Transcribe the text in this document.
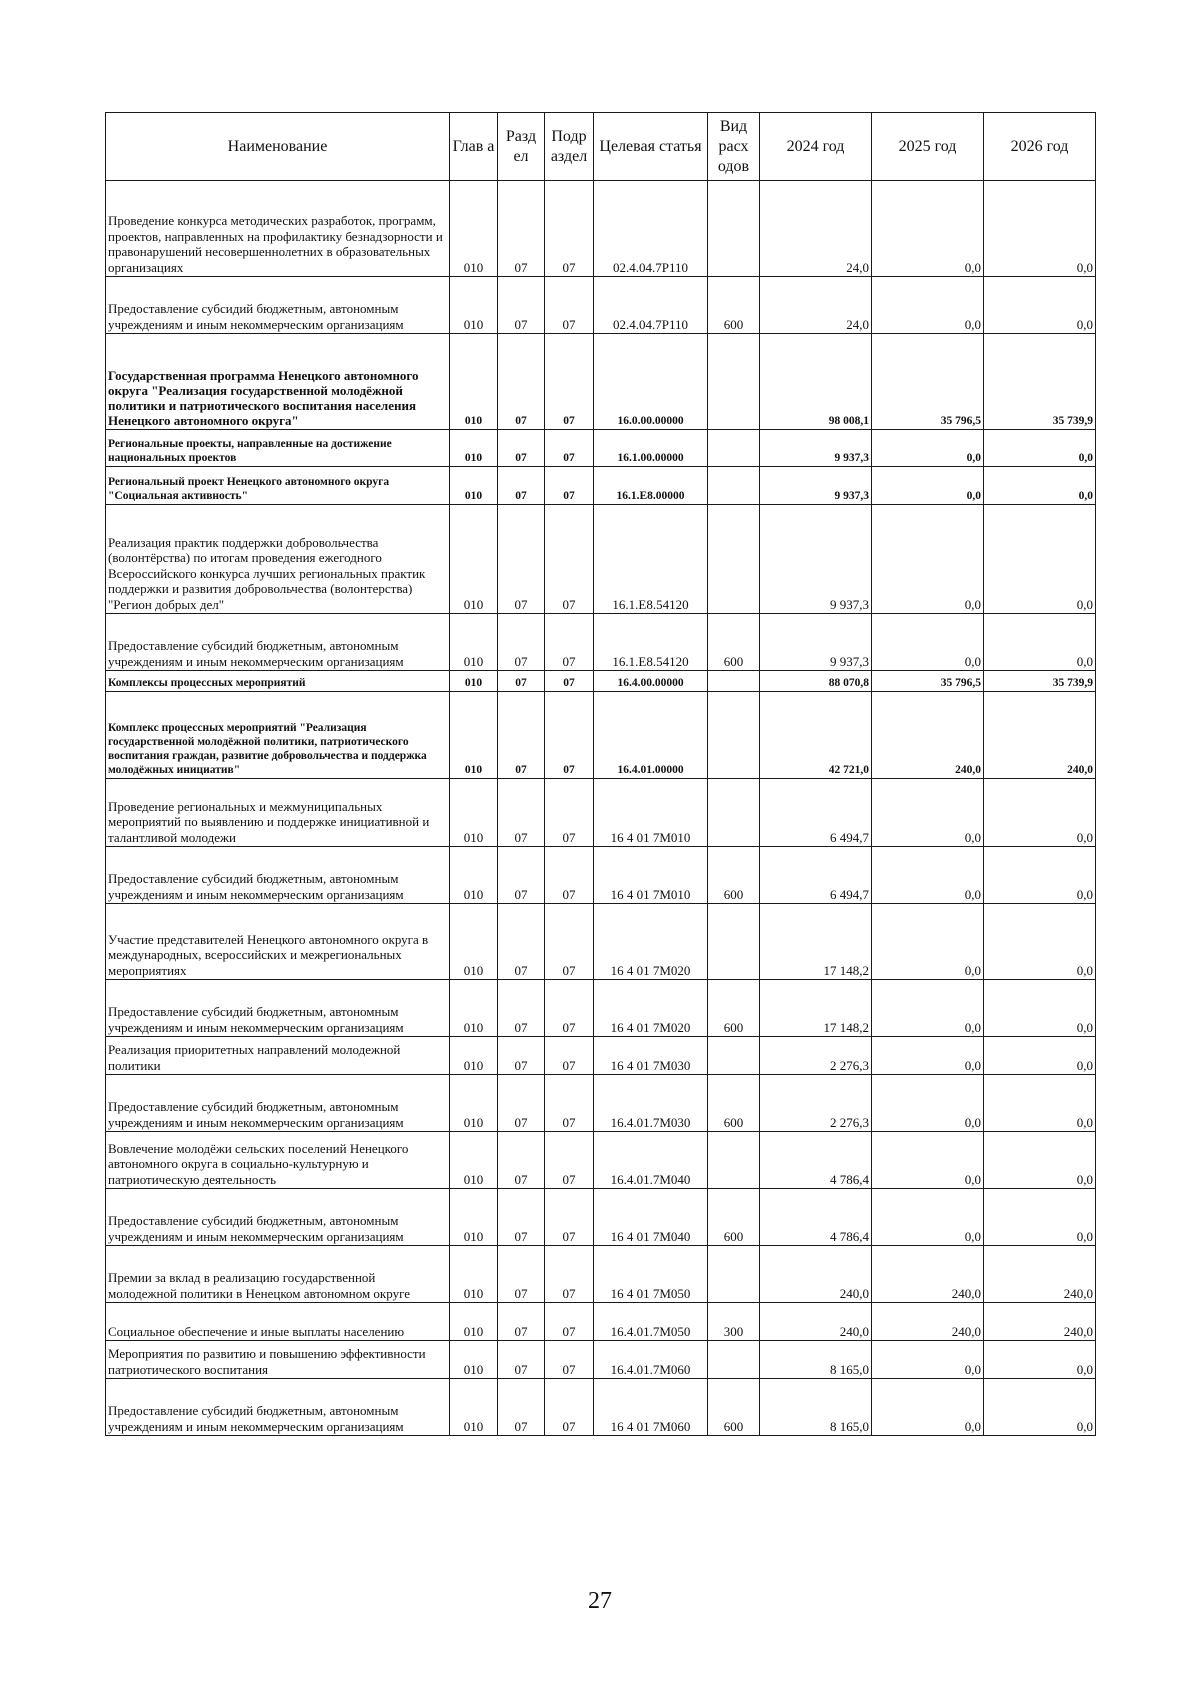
Наименование	Глав а	Разд ел	Подр аздел	Целевая статья	Вид расх одов	2024 год	2025 год	2026 год
Проведение конкурса методических разработок, программ, проектов, направленных на профилактику безнадзорности и правонарушений несовершеннолетних в образовательных организациях	010	07	07	02.4.04.7P110		24,0	0,0	0,0
Предоставление субсидий бюджетным, автономным учреждениям и иным некоммерческим организациям	010	07	07	02.4.04.7P110	600	24,0	0,0	0,0
Государственная программа Ненецкого автономного округа "Реализация государственной молодёжной политики и патриотического воспитания населения Ненецкого автономного округа"	010	07	07	16.0.00.00000		98 008,1	35 796,5	35 739,9
Региональные проекты, направленные на достижение национальных проектов	010	07	07	16.1.00.00000		9 937,3	0,0	0,0
Региональный проект Ненецкого автономного округа "Социальная активность"	010	07	07	16.1.E8.00000		9 937,3	0,0	0,0
Реализация практик поддержки добровольчества (волонтёрства) по итогам проведения ежегодного Всероссийского конкурса лучших региональных практик поддержки и развития добровольчества (волонтерства) "Регион добрых дел"	010	07	07	16.1.E8.54120		9 937,3	0,0	0,0
Предоставление субсидий бюджетным, автономным учреждениям и иным некоммерческим организациям	010	07	07	16.1.E8.54120	600	9 937,3	0,0	0,0
Комплексы процессных мероприятий	010	07	07	16.4.00.00000		88 070,8	35 796,5	35 739,9
Комплекс процессных мероприятий "Реализация государственной молодёжной политики, патриотического воспитания граждан, развитие добровольчества и поддержка молодёжных инициатив"	010	07	07	16.4.01.00000		42 721,0	240,0	240,0
Проведение региональных и межмуниципальных мероприятий по выявлению и поддержке инициативной и талантливой молодежи	010	07	07	16 4 01 7M010		6 494,7	0,0	0,0
Предоставление субсидий бюджетным, автономным учреждениям и иным некоммерческим организациям	010	07	07	16 4 01 7M010	600	6 494,7	0,0	0,0
Участие представителей Ненецкого автономного округа в международных, всероссийских и межрегиональных мероприятиях	010	07	07	16 4 01 7M020		17 148,2	0,0	0,0
Предоставление субсидий бюджетным, автономным учреждениям и иным некоммерческим организациям	010	07	07	16 4 01 7M020	600	17 148,2	0,0	0,0
Реализация приоритетных направлений молодежной политики	010	07	07	16 4 01 7M030		2 276,3	0,0	0,0
Предоставление субсидий бюджетным, автономным учреждениям и иным некоммерческим организациям	010	07	07	16.4.01.7M030	600	2 276,3	0,0	0,0
Вовлечение молодёжи сельских поселений Ненецкого автономного округа в социально-культурную и патриотическую деятельность	010	07	07	16.4.01.7M040		4 786,4	0,0	0,0
Предоставление субсидий бюджетным, автономным учреждениям и иным некоммерческим организациям	010	07	07	16 4 01 7M040	600	4 786,4	0,0	0,0
Премии за вклад в реализацию государственной молодежной политики в Ненецком автономном округе	010	07	07	16 4 01 7M050		240,0	240,0	240,0
Социальное обеспечение и иные выплаты населению	010	07	07	16.4.01.7M050	300	240,0	240,0	240,0
Мероприятия по развитию и повышению эффективности патриотического воспитания	010	07	07	16.4.01.7M060		8 165,0	0,0	0,0
Предоставление субсидий бюджетным, автономным учреждениям и иным некоммерческим организациям	010	07	07	16 4 01 7M060	600	8 165,0	0,0	0,0
27
